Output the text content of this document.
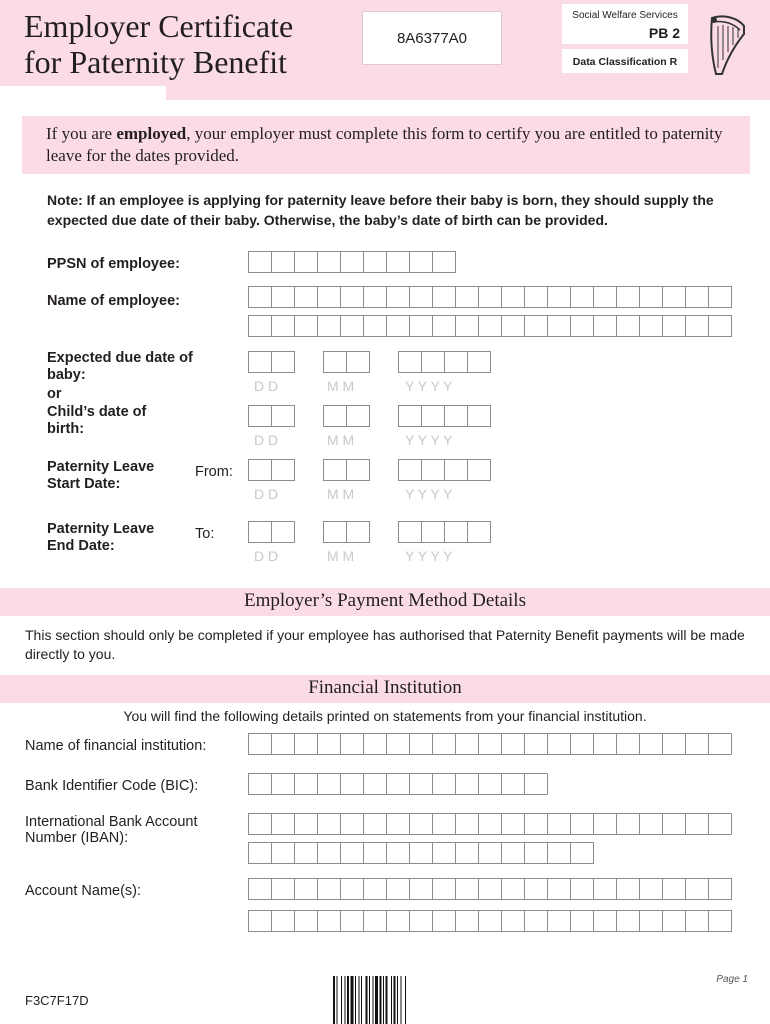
Employer Certificate
for Paternity Benefit
8A6377A0
Social Welfare Services
PB 2
Data Classification R
If you are employed, your employer must complete this form to certify you are entitled to paternity leave for the dates provided.
Note: If an employee is applying for paternity leave before their baby is born, they should supply the expected due date of their baby. Otherwise, the baby’s date of birth can be provided.
PPSN of employee:
Name of employee:
Expected due date of
baby:
or
Child’s date of
birth:
D D	M M	Y Y Y Y
D D	M M	Y Y Y Y
Paternity Leave
Start Date:
From:
D D	M M	Y Y Y Y
Paternity Leave
End Date:
To:
D D	M M	Y Y Y Y
Employer’s Payment Method Details
This section should only be completed if your employee has authorised that Paternity Benefit payments will be made directly to you.
Financial Institution
You will find the following details printed on statements from your financial institution.
Name of financial institution:
Bank Identifier Code (BIC):
International Bank Account
Number (IBAN):
Account Name(s):
Page 1
F3C7F17D
